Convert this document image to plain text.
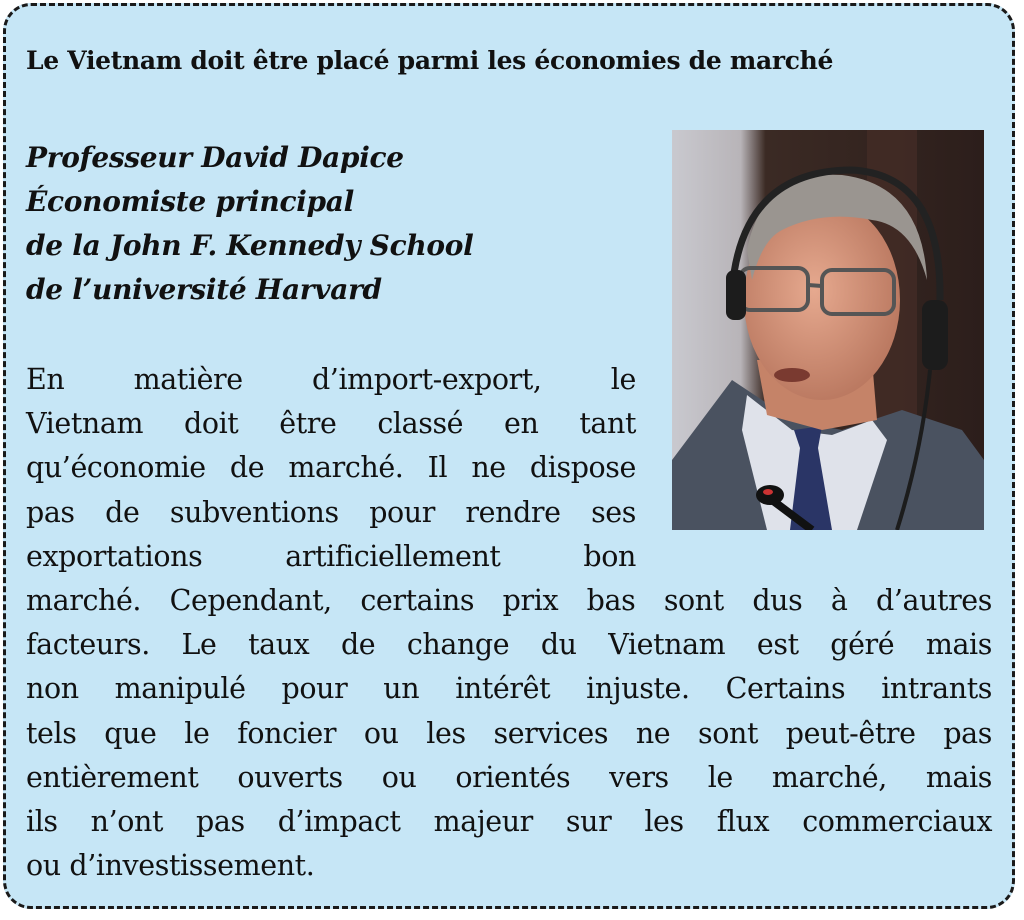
Le Vietnam doit être placé parmi les économies de marché
Professeur David Dapice
Économiste principal
de la John F. Kennedy School
de l’université Harvard
En matière d’import-export, le
Vietnam doit être classé en tant
qu’économie de marché. Il ne dispose
pas de subventions pour rendre ses
exportations artificiellement bon
marché. Cependant, certains prix bas sont dus à d’autres
facteurs. Le taux de change du Vietnam est géré mais
non manipulé pour un intérêt injuste. Certains intrants
tels que le foncier ou les services ne sont peut-être pas
entièrement ouverts ou orientés vers le marché, mais
ils n’ont pas d’impact majeur sur les flux commerciaux
ou d’investissement.
